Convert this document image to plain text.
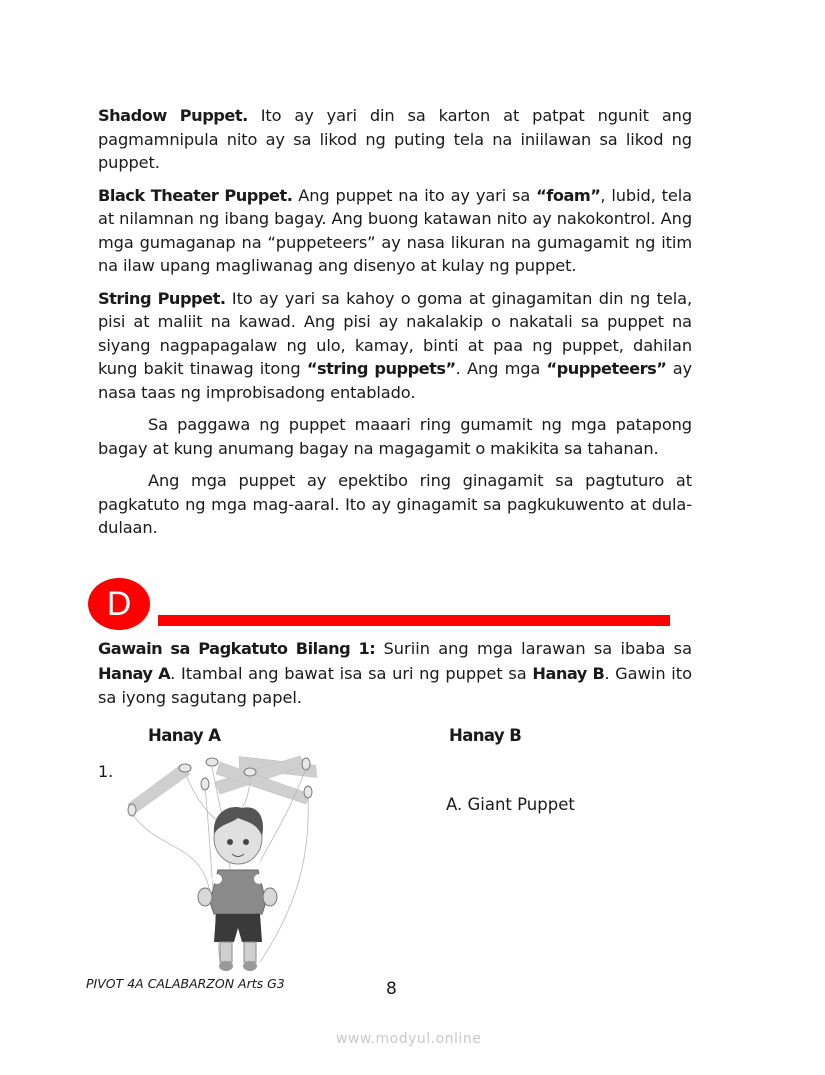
Shadow Puppet. Ito ay yari din sa karton at patpat ngunit ang pagmamnipula nito ay sa likod ng puting tela na iniilawan sa likod ng puppet.

Black Theater Puppet. Ang puppet na ito ay yari sa “foam”, lubid, tela at nilamnan ng ibang bagay. Ang buong katawan nito ay nakokontrol. Ang mga gumaganap na “puppeteers” ay nasa likuran na gumagamit ng itim na ilaw upang magliwanag ang disenyo at kulay ng puppet.

String Puppet. Ito ay yari sa kahoy o goma at ginagamitan din ng tela, pisi at maliit na kawad. Ang pisi ay nakalakip o nakatali sa puppet na siyang nagpapagalaw ng ulo, kamay, binti at paa ng puppet, dahilan kung bakit tinawag itong “string puppets”. Ang mga “puppeteers” ay nasa taas ng improbisadong entablado.

Sa paggawa ng puppet maaari ring gumamit ng mga patapong bagay at kung anumang bagay na magagamit o makikita sa tahanan.

Ang mga puppet ay epektibo ring ginagamit sa pagtuturo at pagkatuto ng mga mag-aaral. Ito ay ginagamit sa pagkukuwento at dula-dulaan.

D

Gawain sa Pagkatuto Bilang 1: Suriin ang mga larawan sa ibaba sa Hanay A. Itambal ang bawat isa sa uri ng puppet sa Hanay B. Gawin ito sa iyong sagutang papel.

Hanay A	Hanay B
1.
A. Giant Puppet
PIVOT 4A CALABARZON Arts G3	8
www.modyul.online
